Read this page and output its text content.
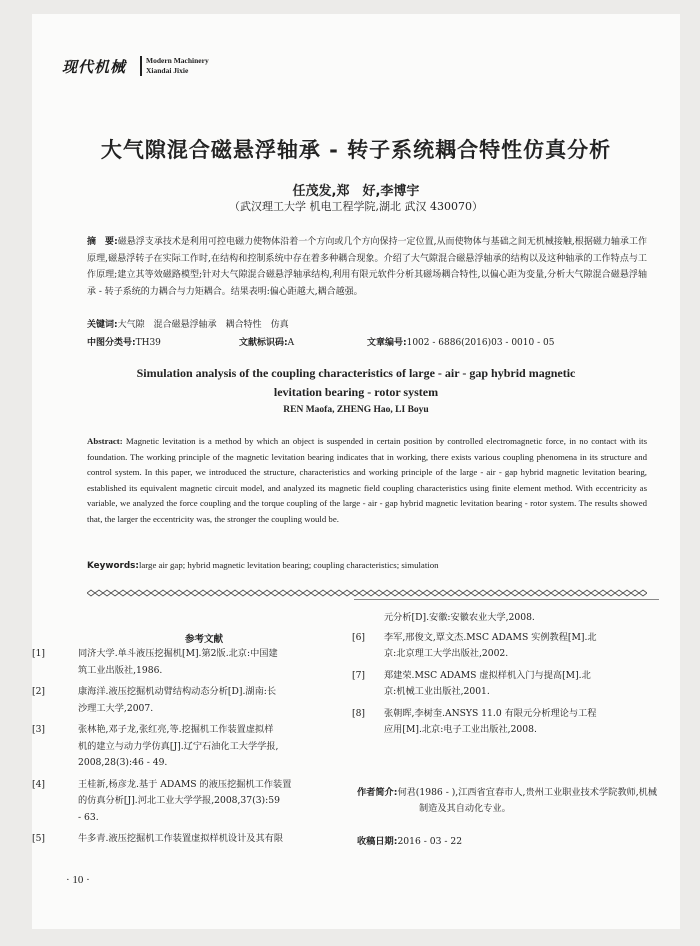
现代机械	Modern Machinery
Xiandai Jixie
大气隙混合磁悬浮轴承 - 转子系统耦合特性仿真分析
任茂发,郑　好,李博宇
（武汉理工大学 机电工程学院,湖北 武汉 430070）
摘　要:磁悬浮支承技术是利用可控电磁力使物体沿着一个方向或几个方向保持一定位置,从而使物体与基础之间无机械接触,根据磁力轴承工作原理,磁悬浮转子在实际工作时,在结构和控制系统中存在着多种耦合现象。介绍了大气隙混合磁悬浮轴承的结构以及这种轴承的工作特点与工作原理;建立其等效磁路模型;针对大气隙混合磁悬浮轴承结构,利用有限元软件分析其磁场耦合特性,以偏心距为变量,分析大气隙混合磁悬浮轴承 - 转子系统的力耦合与力矩耦合。结果表明:偏心距越大,耦合越强。
关键词:大气隙　混合磁悬浮轴承　耦合特性　仿真
中图分类号:TH39	文献标识码:A	文章编号:1002 - 6886(2016)03 - 0010 - 05
Simulation analysis of the coupling characteristics of large - air - gap hybrid magnetic
levitation bearing - rotor system
REN Maofa, ZHENG Hao, LI Boyu
Abstract: Magnetic levitation is a method by which an object is suspended in certain position by controlled electromagnetic force, in no contact with its foundation. The working principle of the magnetic levitation bearing indicates that in working, there exists various coupling phenomena in its structure and control system. In this paper, we introduced the structure, characteristics and working principle of the large - air - gap hybrid magnetic levitation bearing, established its equivalent magnetic circuit model, and analyzed its magnetic field coupling characteristics using finite element method. With eccentricity as variable, we analyzed the force coupling and the torque coupling of the large - air - gap hybrid magnetic levitation bearing - rotor system. The results showed that, the larger the eccentricity was, the stronger the coupling would be.
Keywords:large air gap; hybrid magnetic levitation bearing; coupling characteristics; simulation
参考文献
[1]	同济大学.单斗液压挖掘机[M].第2版.北京:中国建
筑工业出版社,1986.
[2]	康海洋.液压挖掘机动臂结构动态分析[D].湖南:长
沙理工大学,2007.
[3]	张林艳,邓子龙,张红亮,等.挖掘机工作装置虚拟样
机的建立与动力学仿真[J].辽宁石油化工大学学报,
2008,28(3):46 - 49.
[4]	王桂新,杨彦龙.基于 ADAMS 的液压挖掘机工作装置
的仿真分析[J].河北工业大学学报,2008,37(3):59
- 63.
[5]	牛多青.液压挖掘机工作装置虚拟样机设计及其有限
元分析[D].安徽:安徽农业大学,2008.
[6]	李军,邢俊文,覃文杰.MSC ADAMS 实例教程[M].北
京:北京理工大学出版社,2002.
[7]	郑建荣.MSC ADAMS 虚拟样机入门与提高[M].北
京:机械工业出版社,2001.
[8]	张朝晖,李树奎.ANSYS 11.0 有限元分析理论与工程
应用[M].北京:电子工业出版社,2008.
作者简介:何君(1986 - ),江西省宜春市人,贵州工业职业技术学院教师,机械制造及其自动化专业。
收稿日期:2016 - 03 - 22
· 10 ·
